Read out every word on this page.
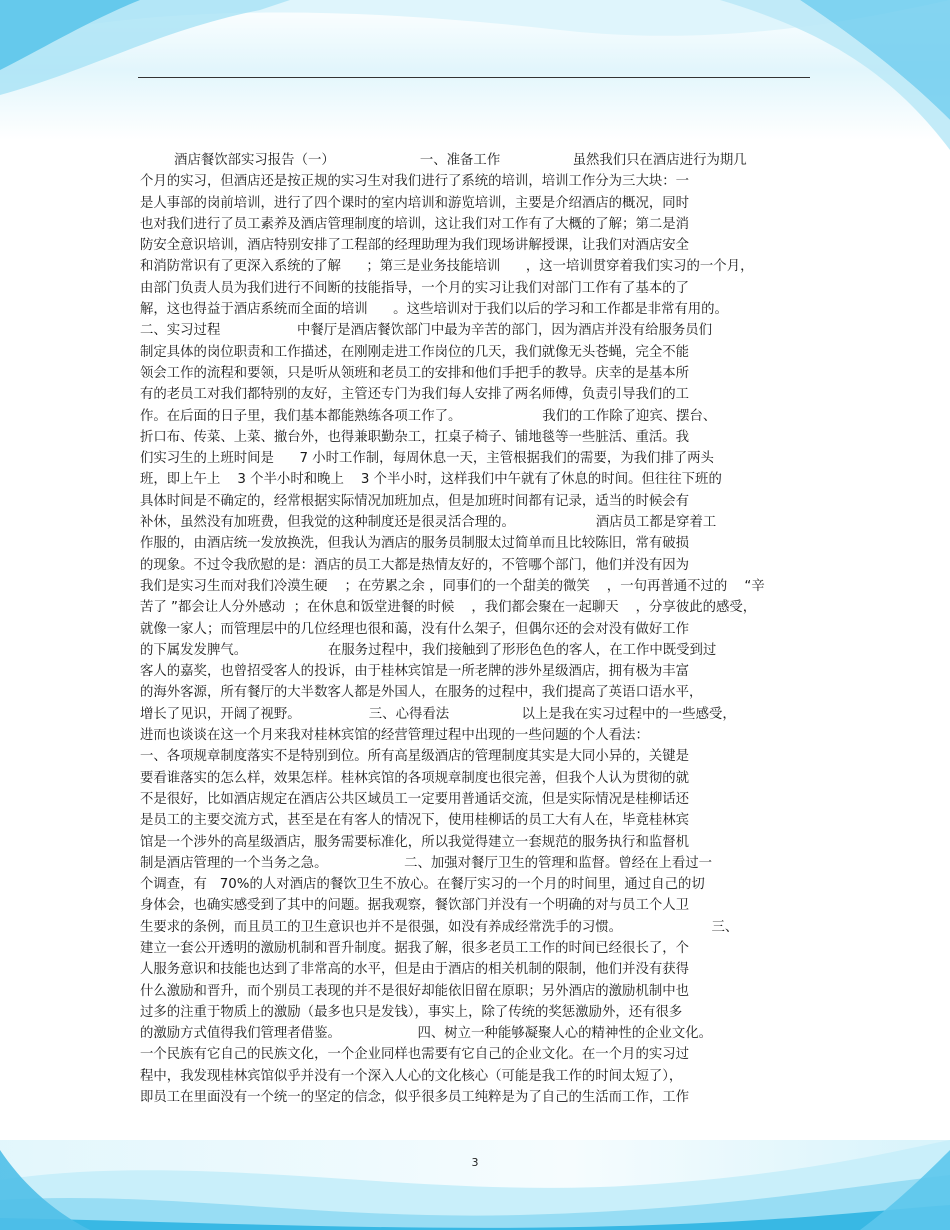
酒店餐饮部实习报告（一）                    一、准备工作                 虽然我们只在酒店进行为期几
个月的实习，但酒店还是按正规的实习生对我们进行了系统的培训，培训工作分为三大块：一
是人事部的岗前培训，进行了四个课时的室内培训和游览培训，主要是介绍酒店的概况，同时
也对我们进行了员工素养及酒店管理制度的培训，这让我们对工作有了大概的了解；第二是消
防安全意识培训，酒店特别安排了工程部的经理助理为我们现场讲解授课，让我们对酒店安全
和消防常识有了更深入系统的了解      ；第三是业务技能培训      ，这一培训贯穿着我们实习的一个月，
由部门负责人员为我们进行不间断的技能指导，一个月的实习让我们对部门工作有了基本的了
解，这也得益于酒店系统而全面的培训      。这些培训对于我们以后的学习和工作都是非常有用的。
二、实习过程                  中餐厅是酒店餐饮部门中最为辛苦的部门，因为酒店并没有给服务员们
制定具体的岗位职责和工作描述，在刚刚走进工作岗位的几天，我们就像无头苍蝇，完全不能
领会工作的流程和要领，只是听从领班和老员工的安排和他们手把手的教导。庆幸的是基本所
有的老员工对我们都特别的友好，主管还专门为我们每人安排了两名师傅，负责引导我们的工
作。在后面的日子里，我们基本都能熟练各项工作了。                   我们的工作除了迎宾、摆台、
折口布、传菜、上菜、撤台外，也得兼职勤杂工，扛桌子椅子、铺地毯等一些脏活、重活。我
们实习生的上班时间是      7 小时工作制，每周休息一天，主管根据我们的需要，为我们排了两头
班，即上午上    3 个半小时和晚上    3 个半小时，这样我们中午就有了休息的时间。但往往下班的
具体时间是不确定的，经常根据实际情况加班加点，但是加班时间都有记录，适当的时候会有
补休，虽然没有加班费，但我觉的这种制度还是很灵活合理的。                   酒店员工都是穿着工
作服的，由酒店统一发放换洗，但我认为酒店的服务员制服太过简单而且比较陈旧，常有破损
的现象。不过令我欣慰的是：酒店的员工大都是热情友好的，不管哪个部门，他们并没有因为
我们是实习生而对我们冷漠生硬    ；在劳累之余 ，同事们的一个甜美的微笑    ，一句再普通不过的    “辛
苦了 ”都会让人分外感动  ；在休息和饭堂进餐的时候    ，我们都会聚在一起聊天    ，分享彼此的感受，
就像一家人；而管理层中的几位经理也很和蔼，没有什么架子，但偶尔还的会对没有做好工作
的下属发发脾气。                   在服务过程中，我们接触到了形形色色的客人，在工作中既受到过
客人的嘉奖，也曾招受客人的投诉，由于桂林宾馆是一所老牌的涉外星级酒店，拥有极为丰富
的海外客源，所有餐厅的大半数客人都是外国人，在服务的过程中，我们提高了英语口语水平，
增长了见识，开阔了视野。                三、心得看法                 以上是我在实习过程中的一些感受，
进而也谈谈在这一个月来我对桂林宾馆的经营管理过程中出现的一些问题的个人看法：
一、各项规章制度落实不是特别到位。所有高星级酒店的管理制度其实是大同小异的，关键是
要看谁落实的怎么样，效果怎样。桂林宾馆的各项规章制度也很完善，但我个人认为贯彻的就
不是很好，比如酒店规定在酒店公共区域员工一定要用普通话交流，但是实际情况是桂柳话还
是员工的主要交流方式，甚至是在有客人的情况下，使用桂柳话的员工大有人在，毕竟桂林宾
馆是一个涉外的高星级酒店，服务需要标准化，所以我觉得建立一套规范的服务执行和监督机
制是酒店管理的一个当务之急。                  二、加强对餐厅卫生的管理和监督。曾经在上看过一
个调查，有   70%的人对酒店的餐饮卫生不放心。在餐厅实习的一个月的时间里，通过自己的切
身体会，也确实感受到了其中的问题。据我观察，餐饮部门并没有一个明确的对与员工个人卫
生要求的条例，而且员工的卫生意识也并不是很强，如没有养成经常洗手的习惯。                     三、
建立一套公开透明的激励机制和晋升制度。据我了解，很多老员工工作的时间已经很长了，个
人服务意识和技能也达到了非常高的水平，但是由于酒店的相关机制的限制，他们并没有获得
什么激励和晋升，而个别员工表现的并不是很好却能依旧留在原职；另外酒店的激励机制中也
过多的注重于物质上的激励（最多也只是发钱），事实上，除了传统的奖惩激励外，还有很多
的激励方式值得我们管理者借鉴。                  四、树立一种能够凝聚人心的精神性的企业文化。
一个民族有它自己的民族文化，一个企业同样也需要有它自己的企业文化。在一个月的实习过
程中，我发现桂林宾馆似乎并没有一个深入人心的文化核心（可能是我工作的时间太短了），
即员工在里面没有一个统一的坚定的信念，似乎很多员工纯粹是为了自己的生活而工作，工作
3
